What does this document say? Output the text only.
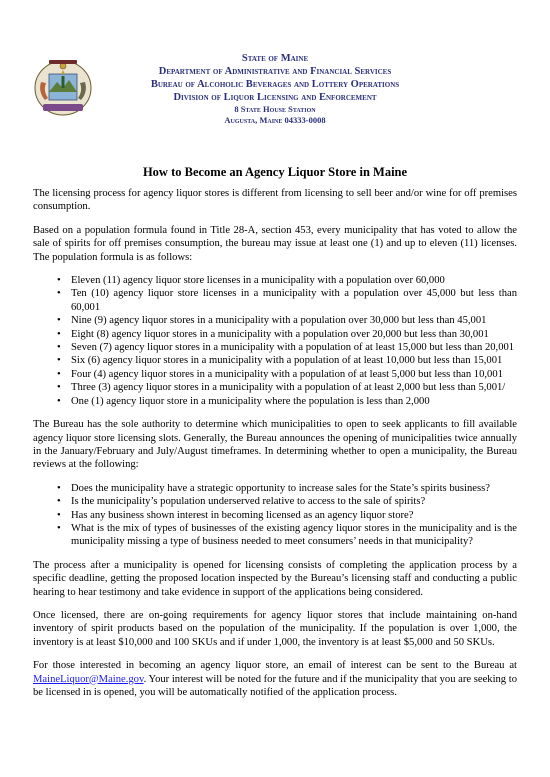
State of Maine
Department of Administrative and Financial Services
Bureau of Alcoholic Beverages and Lottery Operations
Division of Liquor Licensing and Enforcement
8 State House Station
Augusta, Maine 04333-0008
How to Become an Agency Liquor Store in Maine

The licensing process for agency liquor stores is different from licensing to sell beer and/or wine for off premises consumption.

Based on a population formula found in Title 28-A, section 453, every municipality that has voted to allow the sale of spirits for off premises consumption, the bureau may issue at least one (1) and up to eleven (11) licenses. The population formula is as follows:

• Eleven (11) agency liquor store licenses in a municipality with a population over 60,000
• Ten (10) agency liquor store licenses in a municipality with a population over 45,000 but less than 60,001
• Nine (9) agency liquor stores in a municipality with a population over 30,000 but less than 45,001
• Eight (8) agency liquor stores in a municipality with a population over 20,000 but less than 30,001
• Seven (7) agency liquor stores in a municipality with a population of at least 15,000 but less than 20,001
• Six (6) agency liquor stores in a municipality with a population of at least 10,000 but less than 15,001
• Four (4) agency liquor stores in a municipality with a population of at least 5,000 but less than 10,001
• Three (3) agency liquor stores in a municipality with a population of at least 2,000 but less than 5,001/
• One (1) agency liquor store in a municipality where the population is less than 2,000

The Bureau has the sole authority to determine which municipalities to open to seek applicants to fill available agency liquor store licensing slots. Generally, the Bureau announces the opening of municipalities twice annually in the January/February and July/August timeframes. In determining whether to open a municipality, the Bureau reviews at the following:

• Does the municipality have a strategic opportunity to increase sales for the State’s spirits business?
• Is the municipality’s population underserved relative to access to the sale of spirits?
• Has any business shown interest in becoming licensed as an agency liquor store?
• What is the mix of types of businesses of the existing agency liquor stores in the municipality and is the municipality missing a type of business needed to meet consumers’ needs in that municipality?

The process after a municipality is opened for licensing consists of completing the application process by a specific deadline, getting the proposed location inspected by the Bureau’s licensing staff and conducting a public hearing to hear testimony and take evidence in support of the applications being considered.

Once licensed, there are on-going requirements for agency liquor stores that include maintaining on-hand inventory of spirit products based on the population of the municipality. If the population is over 1,000, the inventory is at least $10,000 and 100 SKUs and if under 1,000, the inventory is at least $5,000 and 50 SKUs.

For those interested in becoming an agency liquor store, an email of interest can be sent to the Bureau at MaineLiquor@Maine.gov. Your interest will be noted for the future and if the municipality that you are seeking to be licensed in is opened, you will be automatically notified of the application process.
